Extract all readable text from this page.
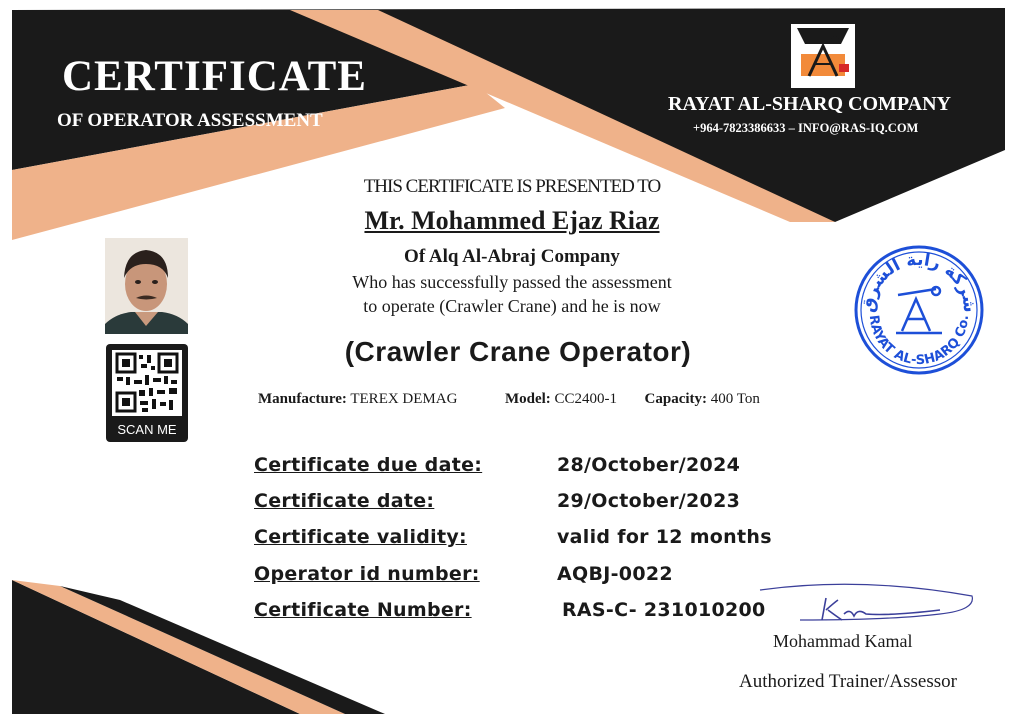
CERTIFICATE
OF OPERATOR ASSESSMENT
RAYAT AL-SHARQ COMPANY
+964-7823386633 – INFO@RAS-IQ.COM
THIS CERTIFICATE IS PRESENTED TO
Mr. Mohammed Ejaz Riaz
Of Alq Al-Abraj Company
Who has successfully passed the assessment
to operate (Crawler Crane) and he is now
(Crawler Crane Operator)
SCAN ME
Manufacture: TEREX DEMAG	Model: CC2400-1 Capacity: 400 Ton
Certificate due date:	28/October/2024
Certificate date:	29/October/2023
Certificate validity:	valid for 12 months
Operator id number:	AQBJ-0022
Certificate Number:	RAS-C- 231010200
شركة راية الشرق
RAYAT AL-SHARQ Co.
Mohammad Kamal
Authorized Trainer/Assessor
